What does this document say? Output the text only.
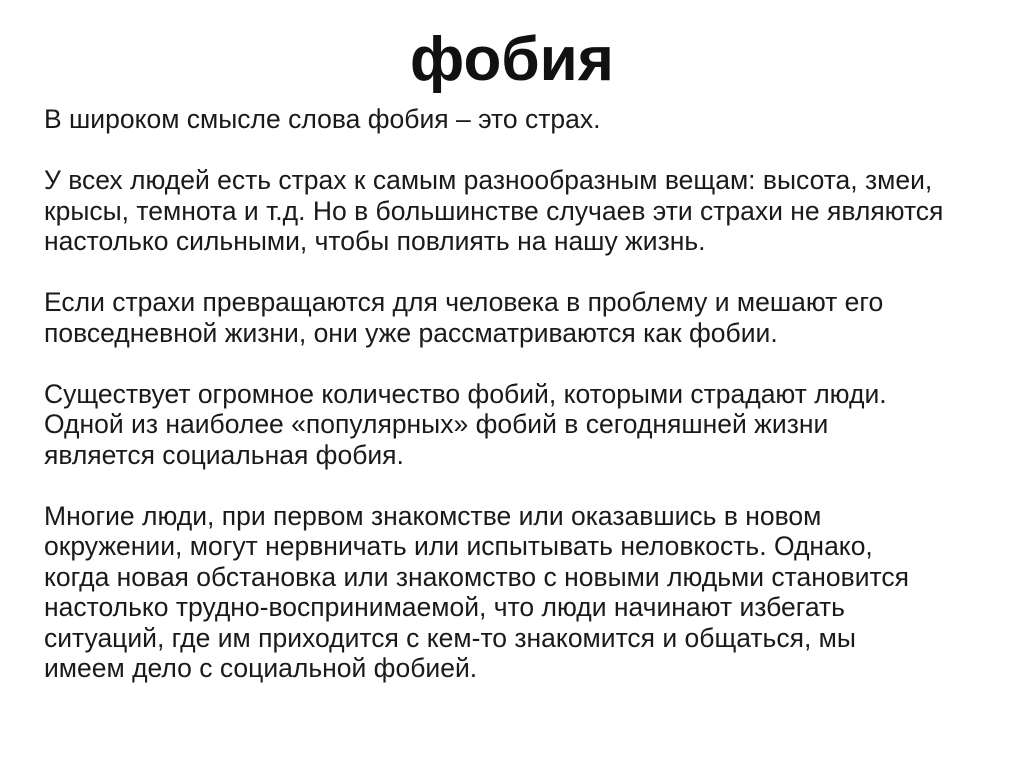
фобия

В широком смысле слова фобия – это страх.

У всех людей есть страх к самым разнообразным вещам: высота, змеи,
крысы, темнота и т.д. Но в большинстве случаев эти страхи не являются
настолько сильными, чтобы повлиять на нашу жизнь.

Если страхи превращаются для человека в проблему и мешают его
повседневной жизни, они уже рассматриваются как фобии.

Существует огромное количество фобий, которыми страдают люди.
Одной из наиболее «популярных» фобий в сегодняшней жизни
является социальная фобия.

Многие люди, при первом знакомстве или оказавшись в новом
окружении, могут нервничать или испытывать неловкость. Однако,
когда новая обстановка или знакомство с новыми людьми становится
настолько трудно-воспринимаемой, что люди начинают избегать
ситуаций, где им приходится с кем-то знакомится и общаться, мы
имеем дело с социальной фобией.
